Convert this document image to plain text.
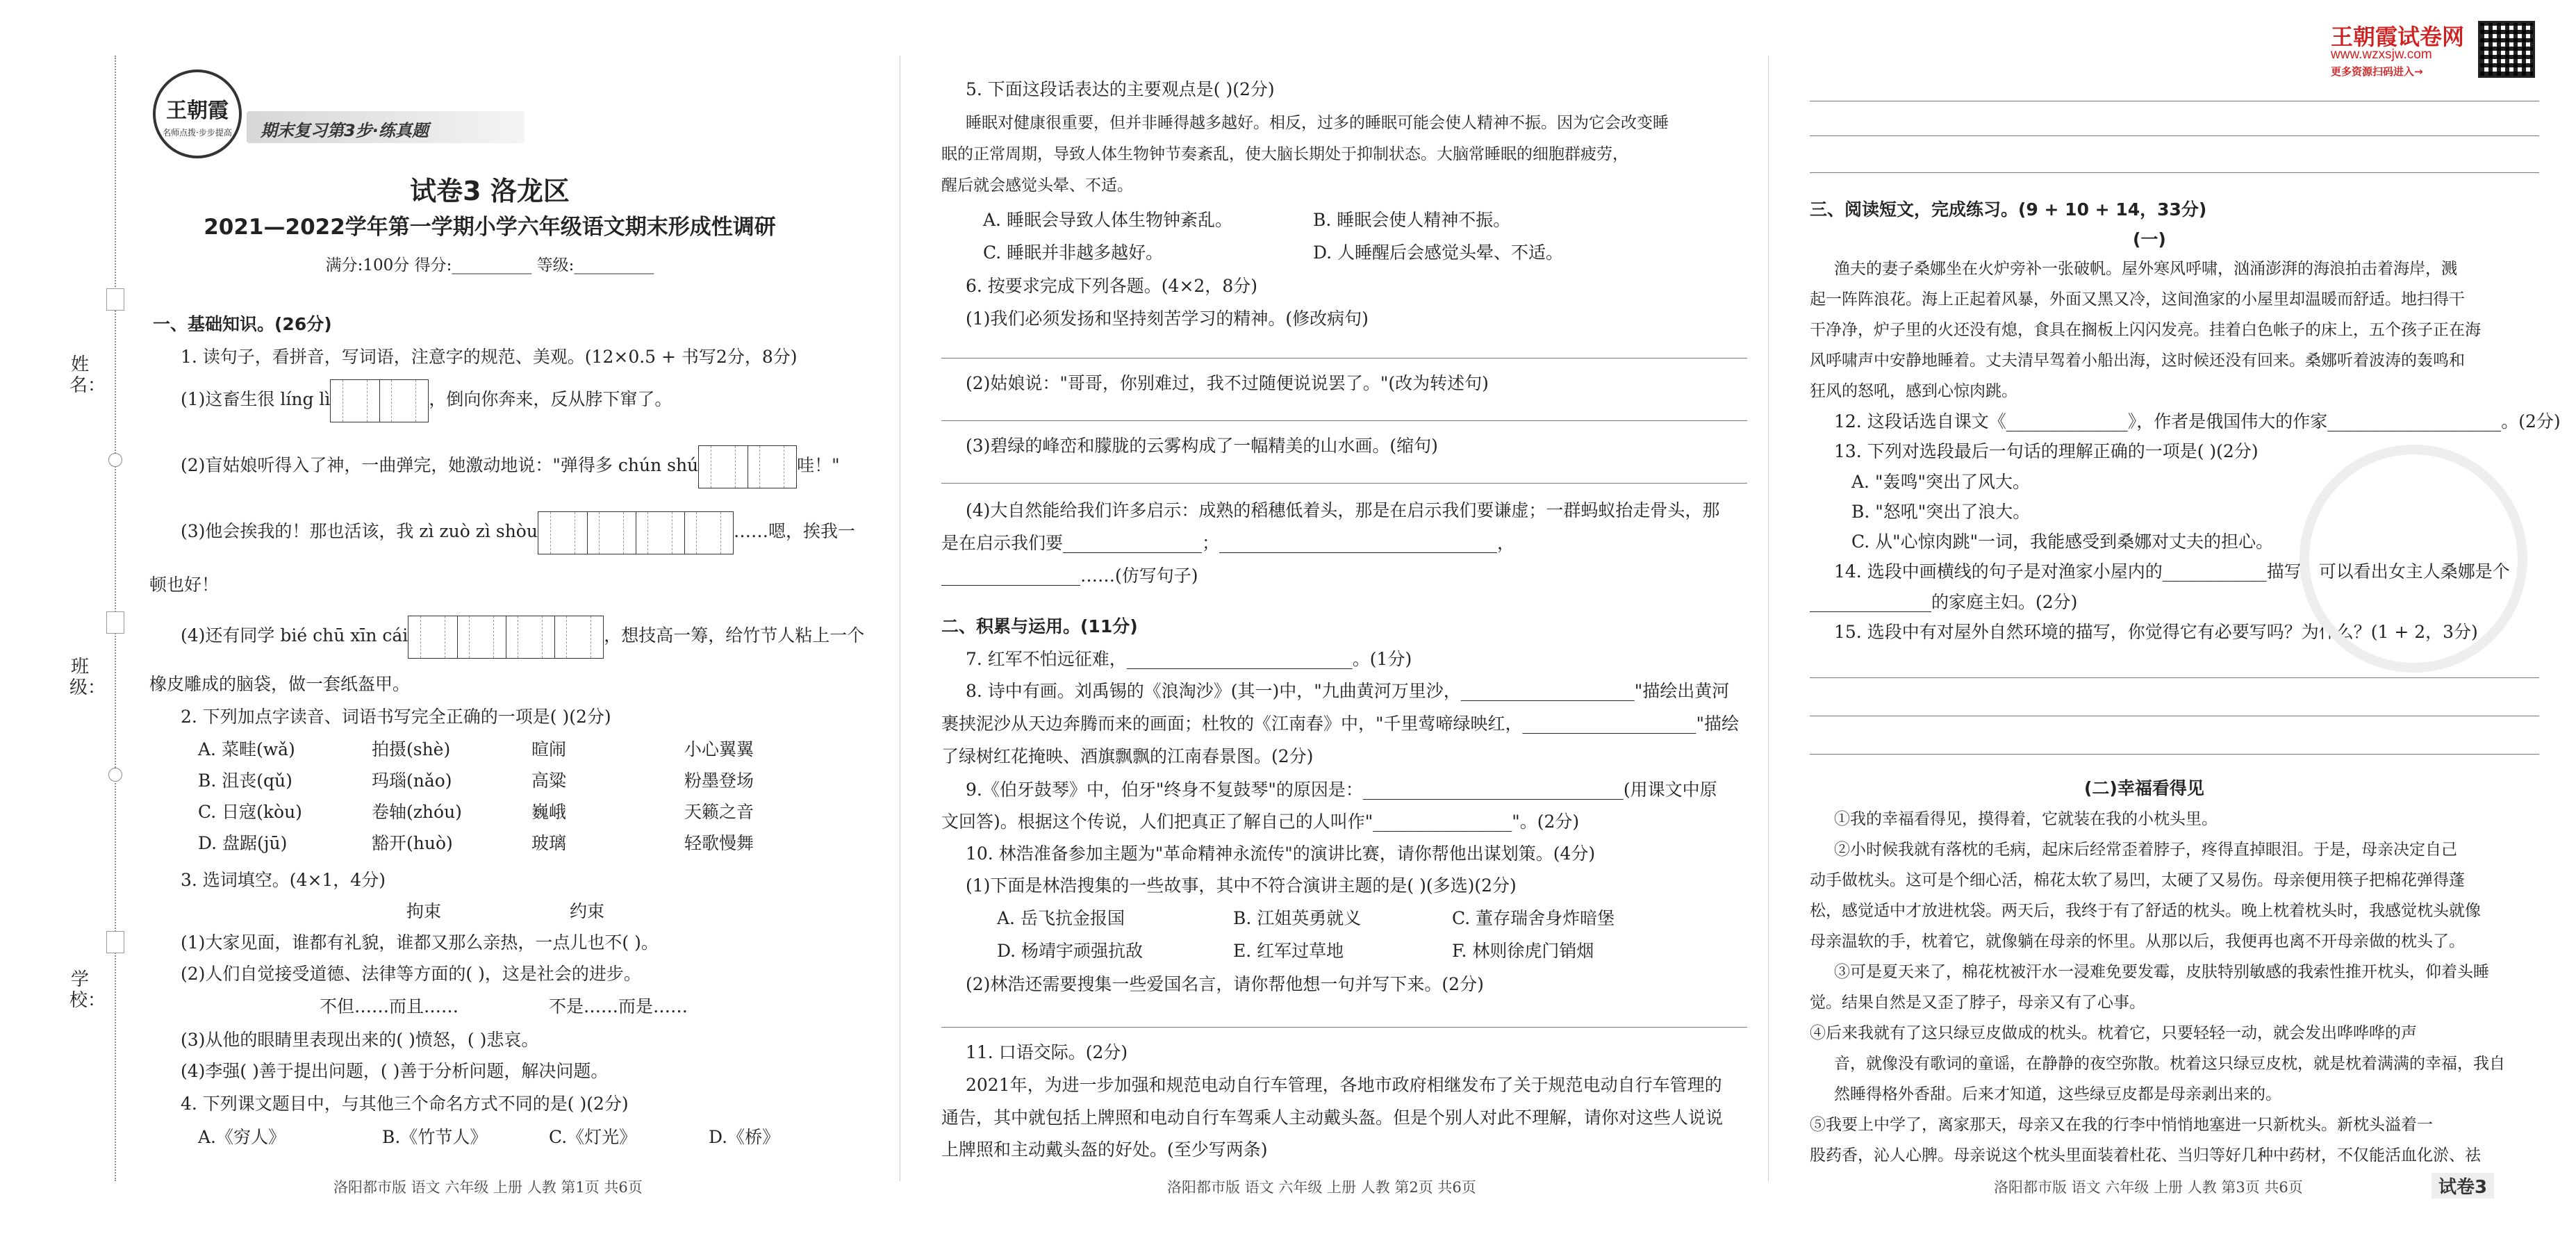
姓名：
班级：
学校：
王朝霞
名师点拨·步步提高	期末复习第3步·练真题
试卷3 洛龙区
2021—2022学年第一学期小学六年级语文期末形成性调研
满分:100分 得分:__________ 等级:__________
一、基础知识。(26分)
1. 读句子，看拼音，写词语，注意字的规范、美观。(12×0.5 + 书写2分，8分)
(1)这畜生很 líng lì	，倒向你奔来，反从脖下窜了。
(2)盲姑娘听得入了神，一曲弹完，她激动地说："弹得多 chún shú	哇！"
(3)他会挨我的！那也活该，我 zì zuò zì shòu	……嗯，挨我一
顿也好！
(4)还有同学 bié chū xīn cái	，想技高一筹，给竹节人粘上一个
橡皮雕成的脑袋，做一套纸盔甲。
2. 下列加点字读音、词语书写完全正确的一项是( )(2分)
A. 菜畦(wǎ)	拍摄(shè)	暄闹	小心翼翼
B. 沮丧(qǔ)	玛瑙(nǎo)	高粱	粉墨登场
C. 日寇(kòu)	卷轴(zhóu)	巍峨	天籁之音
D. 盘踞(jū)	豁开(huò)	玻璃	轻歌慢舞
3. 选词填空。(4×1，4分)
拘束	约束
(1)大家见面，谁都有礼貌，谁都又那么亲热，一点儿也不( )。
(2)人们自觉接受道德、法律等方面的( )，这是社会的进步。
不但……而且……	不是……而是……
(3)从他的眼睛里表现出来的( )愤怒，( )悲哀。
(4)李强( )善于提出问题，( )善于分析问题，解决问题。
4. 下列课文题目中，与其他三个命名方式不同的是( )(2分)
A.《穷人》	B.《竹节人》	C.《灯光》	D.《桥》
洛阳都市版 语文 六年级 上册 人教 第1页 共6页
5. 下面这段话表达的主要观点是( )(2分)
睡眠对健康很重要，但并非睡得越多越好。相反，过多的睡眠可能会使人精神不振。因为它会改变睡
眠的正常周期，导致人体生物钟节奏紊乱，使大脑长期处于抑制状态。大脑常睡眠的细胞群疲劳，
醒后就会感觉头晕、不适。
A. 睡眠会导致人体生物钟紊乱。	B. 睡眠会使人精神不振。
C. 睡眠并非越多越好。	D. 人睡醒后会感觉头晕、不适。
6. 按要求完成下列各题。(4×2，8分)
(1)我们必须发扬和坚持刻苦学习的精神。(修改病句)
(2)姑娘说："哥哥，你别难过，我不过随便说说罢了。"(改为转述句)
(3)碧绿的峰峦和朦胧的云雾构成了一幅精美的山水画。(缩句)
(4)大自然能给我们许多启示：成熟的稻穗低着头，那是在启示我们要谦虚；一群蚂蚁抬走骨头，那
是在启示我们要________________；________________________________，
________________……(仿写句子)
二、积累与运用。(11分)
7. 红军不怕远征难，__________________________。(1分)
8. 诗中有画。刘禹锡的《浪淘沙》(其一)中，"九曲黄河万里沙，____________________"描绘出黄河
裹挟泥沙从天边奔腾而来的画面；杜牧的《江南春》中，"千里莺啼绿映红，____________________"描绘
了绿树红花掩映、酒旗飘飘的江南春景图。(2分)
9.《伯牙鼓琴》中，伯牙"终身不复鼓琴"的原因是：______________________________(用课文中原
文回答)。根据这个传说，人们把真正了解自己的人叫作"________________"。(2分)
10. 林浩准备参加主题为"革命精神永流传"的演讲比赛，请你帮他出谋划策。(4分)
(1)下面是林浩搜集的一些故事，其中不符合演讲主题的是( )(多选)(2分)
A. 岳飞抗金报国	B. 江姐英勇就义	C. 董存瑞舍身炸暗堡
D. 杨靖宇顽强抗敌	E. 红军过草地	F. 林则徐虎门销烟
(2)林浩还需要搜集一些爱国名言，请你帮他想一句并写下来。(2分)
11. 口语交际。(2分)
2021年，为进一步加强和规范电动自行车管理，各地市政府相继发布了关于规范电动自行车管理的
通告，其中就包括上牌照和电动自行车驾乘人主动戴头盔。但是个别人对此不理解，请你对这些人说说
上牌照和主动戴头盔的好处。(至少写两条)
洛阳都市版 语文 六年级 上册 人教 第2页 共6页
王朝霞试卷网
www.wzxsjw.com
更多资源扫码进入→
三、阅读短文，完成练习。(9 + 10 + 14，33分)
(一)
渔夫的妻子桑娜坐在火炉旁补一张破帆。屋外寒风呼啸，汹涌澎湃的海浪拍击着海岸，溅
起一阵阵浪花。海上正起着风暴，外面又黑又冷，这间渔家的小屋里却温暖而舒适。地扫得干
干净净，炉子里的火还没有熄，食具在搁板上闪闪发亮。挂着白色帐子的床上，五个孩子正在海
风呼啸声中安静地睡着。丈夫清早驾着小船出海，这时候还没有回来。桑娜听着波涛的轰鸣和
狂风的怒吼，感到心惊肉跳。
12. 这段话选自课文《______________》，作者是俄国伟大的作家____________________。(2分)
13. 下列对选段最后一句话的理解正确的一项是( )(2分)
A. "轰鸣"突出了风大。
B. "怒吼"突出了浪大。
C. 从"心惊肉跳"一词，我能感受到桑娜对丈夫的担心。
14. 选段中画横线的句子是对渔家小屋内的____________描写，可以看出女主人桑娜是个
______________的家庭主妇。(2分)
15. 选段中有对屋外自然环境的描写，你觉得它有必要写吗？为什么？(1 + 2，3分)
(二)幸福看得见
①我的幸福看得见，摸得着，它就装在我的小枕头里。
②小时候我就有落枕的毛病，起床后经常歪着脖子，疼得直掉眼泪。于是，母亲决定自己
动手做枕头。这可是个细心活，棉花太软了易凹，太硬了又易伤。母亲便用筷子把棉花弹得蓬
松，感觉适中才放进枕袋。两天后，我终于有了舒适的枕头。晚上枕着枕头时，我感觉枕头就像
母亲温软的手，枕着它，就像躺在母亲的怀里。从那以后，我便再也离不开母亲做的枕头了。
③可是夏天来了，棉花枕被汗水一浸难免要发霉，皮肤特别敏感的我索性推开枕头，仰着头睡
觉。结果自然是又歪了脖子，母亲又有了心事。
④后来我就有了这只绿豆皮做成的枕头。枕着它，只要轻轻一动，就会发出哗哗哗的声
音，就像没有歌词的童谣，在静静的夜空弥散。枕着这只绿豆皮枕，就是枕着满满的幸福，我自
然睡得格外香甜。后来才知道，这些绿豆皮都是母亲剥出来的。
⑤我要上中学了，离家那天，母亲又在我的行李中悄悄地塞进一只新枕头。新枕头溢着一
股药香，沁人心脾。母亲说这个枕头里面装着杜花、当归等好几种中药材，不仅能活血化淤、祛
洛阳都市版 语文 六年级 上册 人教 第3页 共6页	试卷3
